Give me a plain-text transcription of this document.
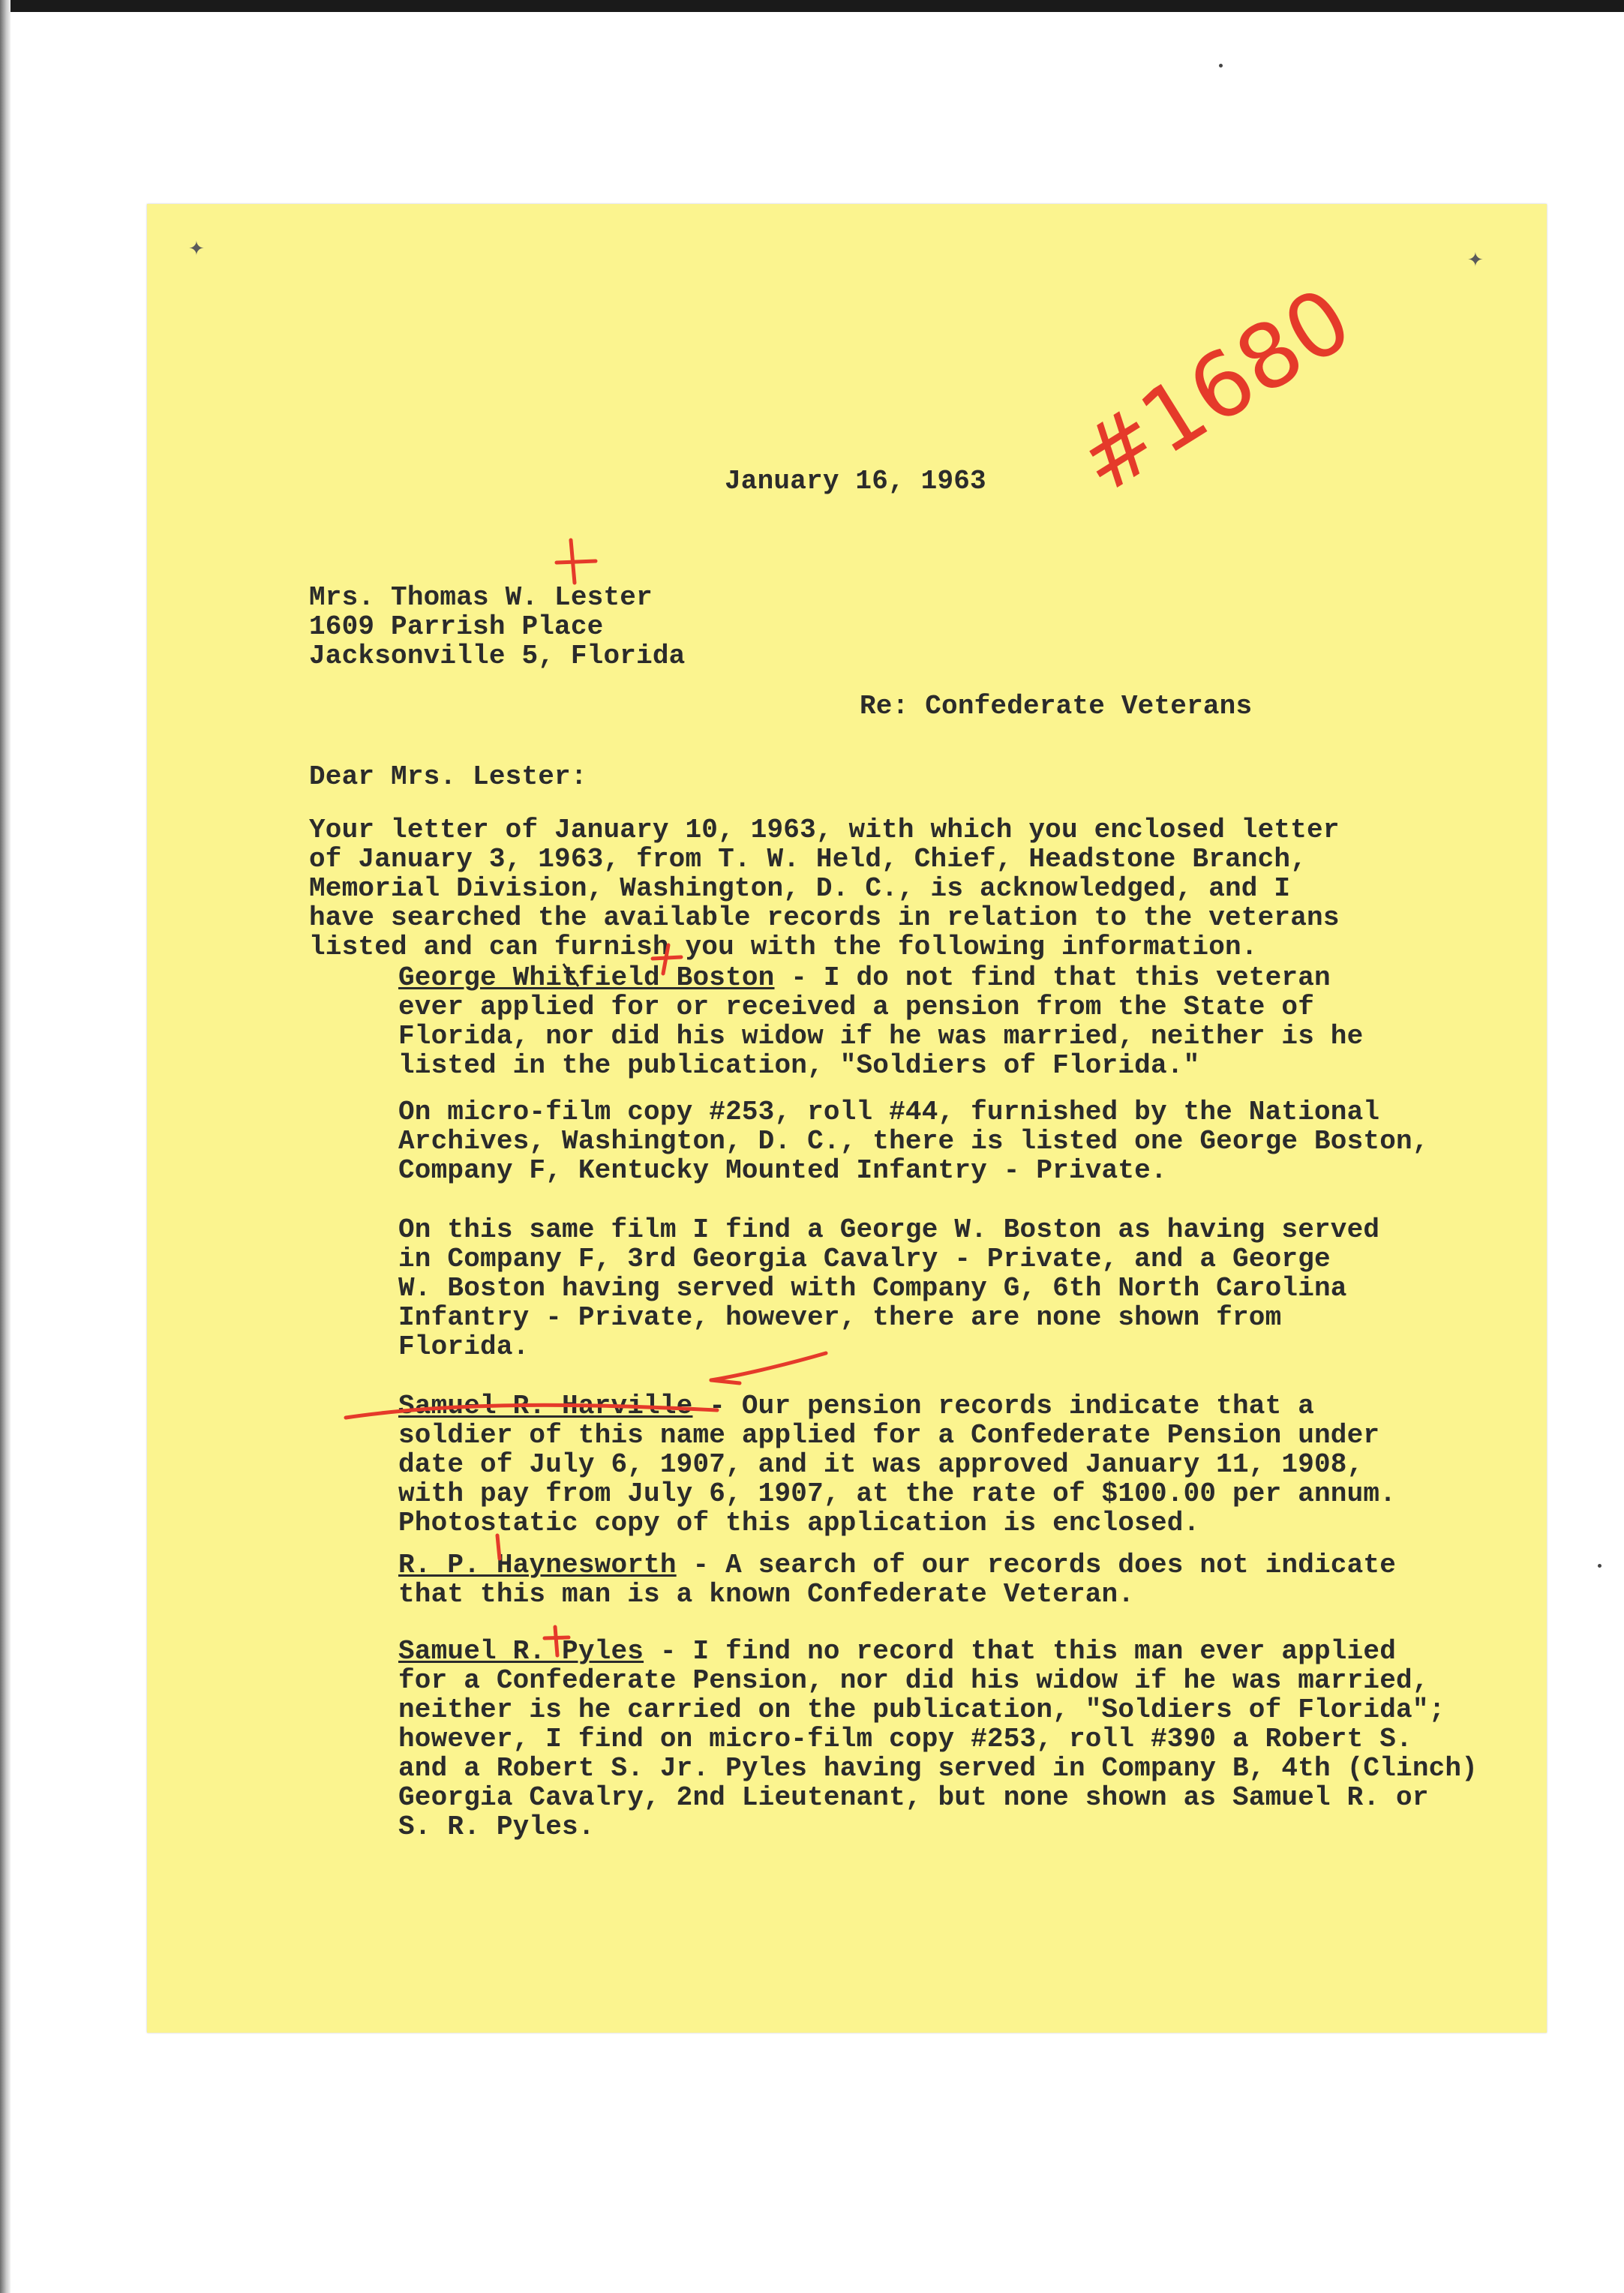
January 16, 1963
Mrs. Thomas W. Lester
1609 Parrish Place
Jacksonville 5, Florida
Re: Confederate Veterans
Dear Mrs. Lester:
Your letter of January 10, 1963, with which you enclosed letter
of January 3, 1963, from T. W. Held, Chief, Headstone Branch,
Memorial Division, Washington, D. C., is acknowledged, and I
have searched the available records in relation to the veterans
listed and can furnish you with the following information.
George Whitfield Boston - I do not find that this veteran
ever applied for or received a pension from the State of
Florida, nor did his widow if he was married, neither is he
listed in the publication, "Soldiers of Florida."
On micro-film copy #253, roll #44, furnished by the National
Archives, Washington, D. C., there is listed one George Boston,
Company F, Kentucky Mounted Infantry - Private.
On this same film I find a George W. Boston as having served
in Company F, 3rd Georgia Cavalry - Private, and a George
W. Boston having served with Company G, 6th North Carolina
Infantry - Private, however, there are none shown from
Florida.
Samuel R. Harville - Our pension records indicate that a
soldier of this name applied for a Confederate Pension under
date of July 6, 1907, and it was approved January 11, 1908,
with pay from July 6, 1907, at the rate of $100.00 per annum.
Photostatic copy of this application is enclosed.
R. P. Haynesworth - A search of our records does not indicate
that this man is a known Confederate Veteran.
Samuel R. Pyles - I find no record that this man ever applied
for a Confederate Pension, nor did his widow if he was married,
neither is he carried on the publication, "Soldiers of Florida";
however, I find on micro-film copy #253, roll #390 a Robert S.
and a Robert S. Jr. Pyles having served in Company B, 4th (Clinch)
Georgia Cavalry, 2nd Lieutenant, but none shown as Samuel R. or
S. R. Pyles.
#1680
✦	✦
